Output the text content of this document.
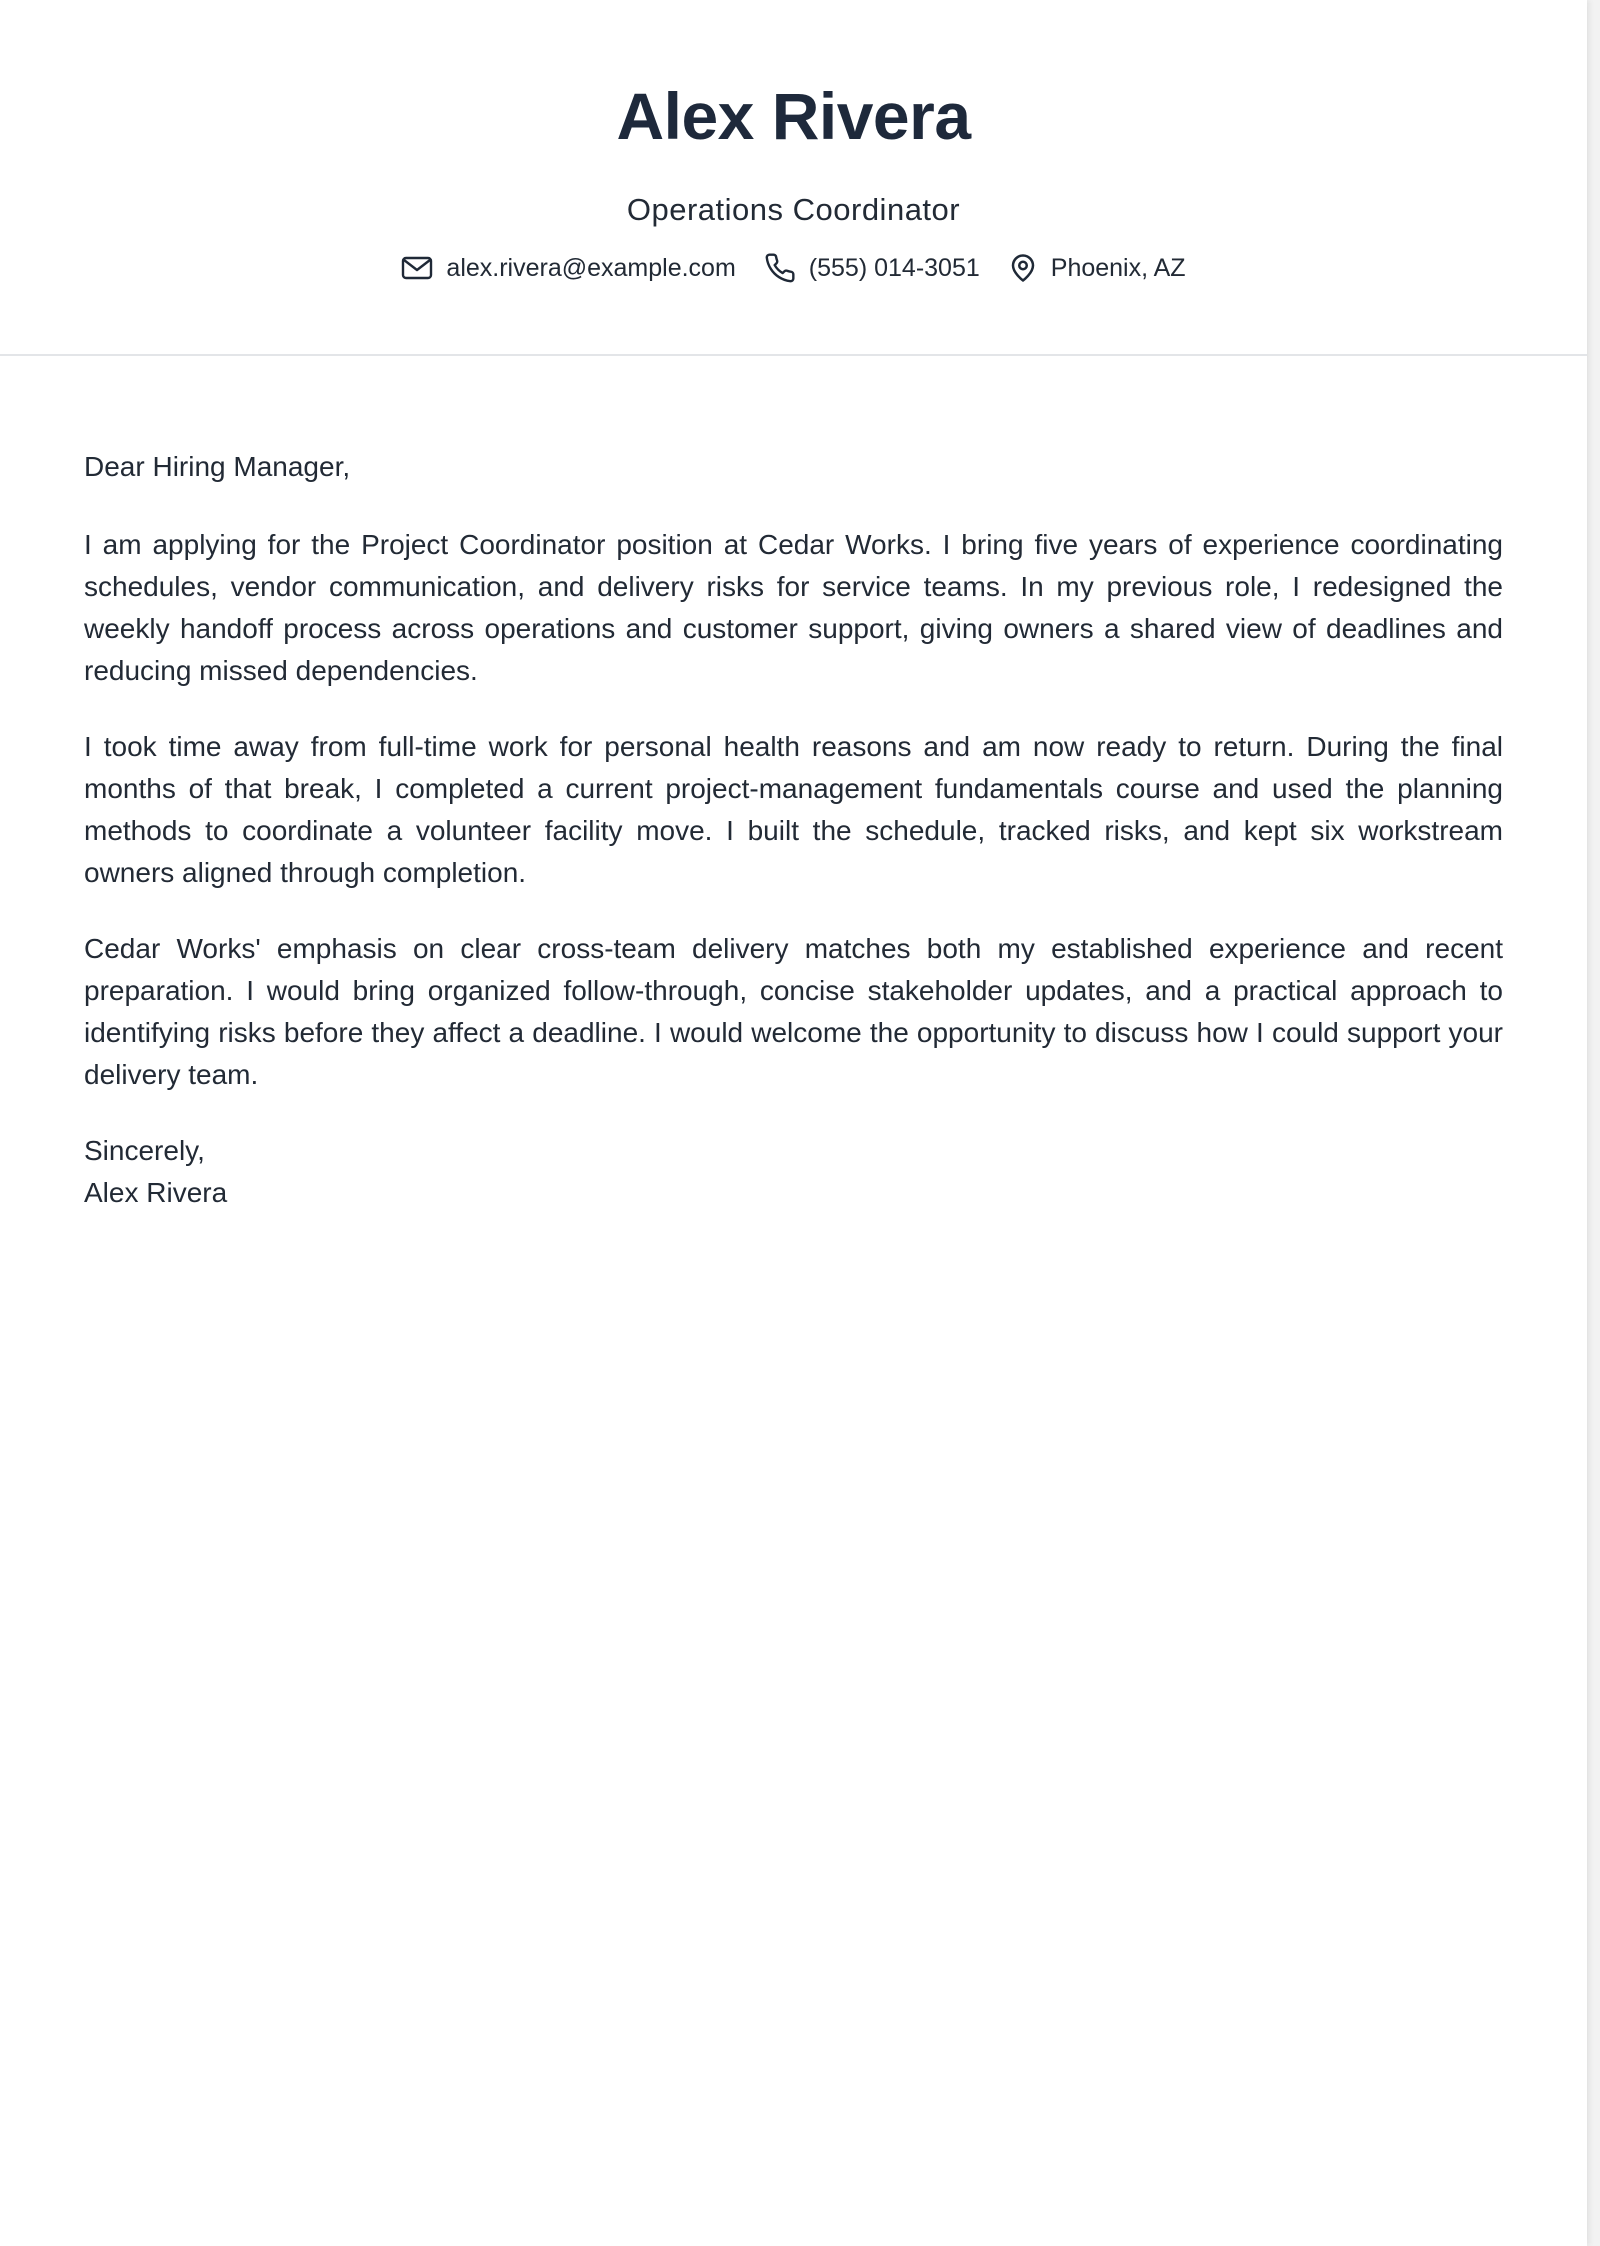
Alex Rivera
Operations Coordinator
alex.rivera@example.com	(555) 014-3051	Phoenix, AZ

Dear Hiring Manager,

I am applying for the Project Coordinator position at Cedar Works. I bring five years of experience coordinating schedules, vendor communication, and delivery risks for service teams. In my previous role, I redesigned the weekly handoff process across operations and customer support, giving owners a shared view of deadlines and reducing missed dependencies.

I took time away from full-time work for personal health reasons and am now ready to return. During the final months of that break, I completed a current project-management fundamentals course and used the planning methods to coordinate a volunteer facility move. I built the schedule, tracked risks, and kept six workstream owners aligned through completion.

Cedar Works' emphasis on clear cross-team delivery matches both my established experience and recent preparation. I would bring organized follow-through, concise stakeholder updates, and a practical approach to identifying risks before they affect a deadline. I would welcome the opportunity to discuss how I could support your delivery team.

Sincerely,

Alex Rivera
